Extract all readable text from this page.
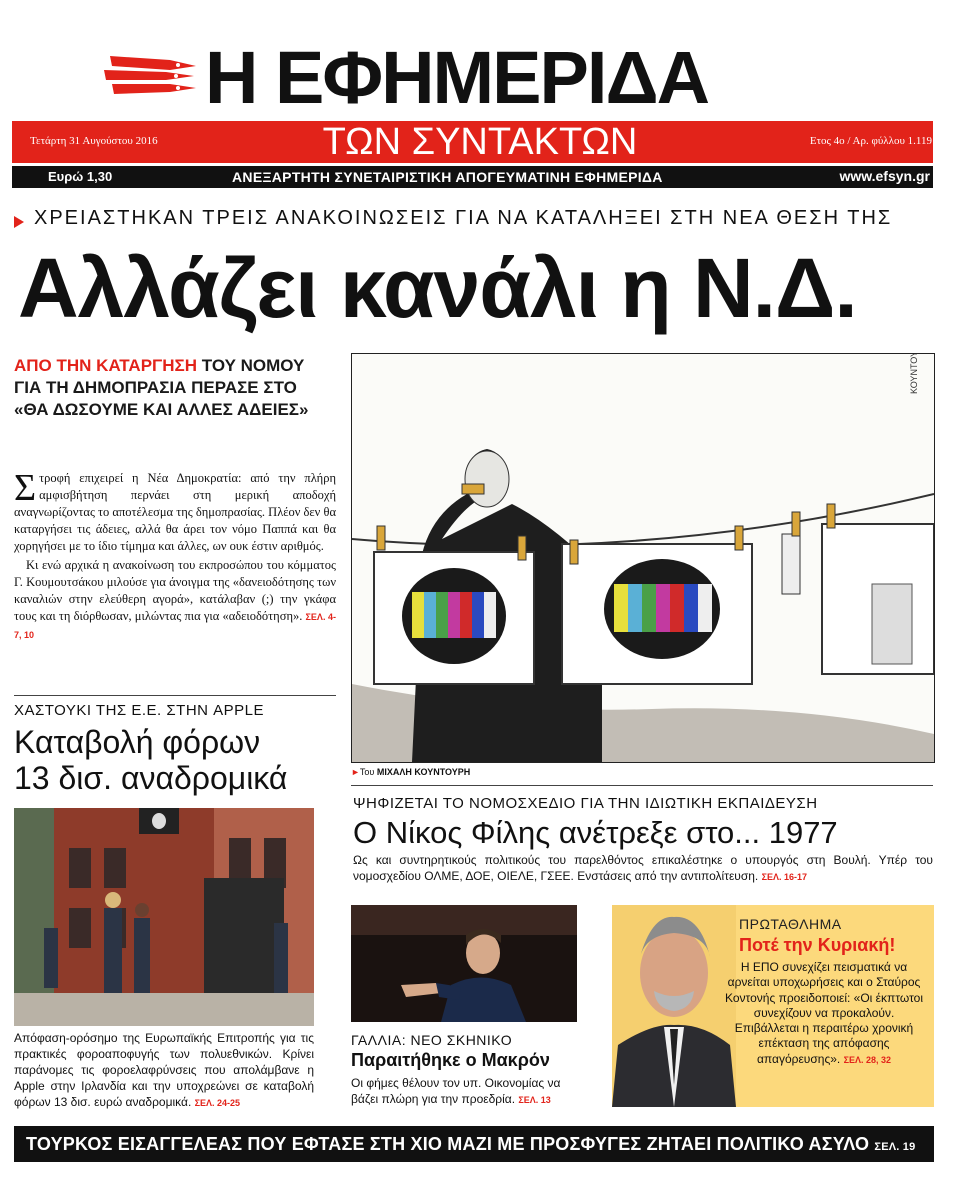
Η ΕΦΗΜΕΡΙΔΑ
Τετάρτη 31 Αυγούστου 2016	ΤΩΝ ΣΥΝΤΑΚΤΩΝ	Ετος 4ο / Αρ. φύλλου 1.119
Ευρώ 1,30	ΑΝΕΞΑΡΤΗΤΗ ΣΥΝΕΤΑΙΡΙΣΤΙΚΗ ΑΠΟΓΕΥΜΑΤΙΝΗ ΕΦΗΜΕΡΙΔΑ	www.efsyn.gr
ΧΡΕΙΑΣΤΗΚΑΝ ΤΡΕΙΣ ΑΝΑΚΟΙΝΩΣΕΙΣ ΓΙΑ ΝΑ ΚΑΤΑΛΗΞΕΙ ΣΤΗ ΝΕΑ ΘΕΣΗ ΤΗΣ
Αλλάζει κανάλι η Ν.Δ.
ΑΠΟ ΤΗΝ ΚΑΤΑΡΓΗΣΗ ΤΟΥ ΝΟΜΟΥ ΓΙΑ ΤΗ ΔΗΜΟΠΡΑΣΙΑ ΠΕΡΑΣΕ ΣΤΟ «ΘΑ ΔΩΣΟΥΜΕ ΚΑΙ ΑΛΛΕΣ ΑΔΕΙΕΣ»

Στροφή επιχειρεί η Νέα Δημοκρατία: από την πλήρη αμφισβήτηση περνάει στη μερική αποδοχή αναγνωρίζοντας το αποτέλεσμα της δημοπρασίας. Πλέον δεν θα καταργήσει τις άδειες, αλλά θα άρει τον νόμο Παππά και θα χορηγήσει με το ίδιο τίμημα και άλλες, ων ουκ έστιν αριθμός.

Κι ενώ αρχικά η ανακοίνωση του εκπροσώπου του κόμματος Γ. Κουμουτσάκου μιλούσε για άνοιγμα της «δανειοδότησης των καναλιών στην ελεύθερη αγορά», κατάλαβαν (;) την γκάφα τους και τη διόρθωσαν, μιλώντας πια για «αδειοδότηση». ΣΕΛ. 4-7, 10

ΧΑΣΤΟΥΚΙ ΤΗΣ Ε.Ε. ΣΤΗΝ APPLE
Καταβολή φόρων
13 δισ. αναδρομικά
Απόφαση-ορόσημο της Ευρωπαϊκής Επιτροπής για τις πρακτικές φοροαποφυγής των πολυεθνικών. Κρίνει παράνομες τις φοροελαφρύνσεις που απολάμβανε η Apple στην Ιρλανδία και την υποχρεώνει σε καταβολή φόρων 13 δισ. ευρώ αναδρομικά. ΣΕΛ. 24-25
ΚΟΥΝΤΟΥΡΗΣ
►Του ΜΙΧΑΛΗ ΚΟΥΝΤΟΥΡΗ
ΨΗΦΙΖΕΤΑΙ ΤΟ ΝΟΜΟΣΧΕΔΙΟ ΓΙΑ ΤΗΝ ΙΔΙΩΤΙΚΗ ΕΚΠΑΙΔΕΥΣΗ
Ο Νίκος Φίλης ανέτρεξε στο... 1977
Ως και συντηρητικούς πολιτικούς του παρελθόντος επικαλέστηκε ο υπουργός στη Βουλή. Υπέρ του νομοσχεδίου ΟΛΜΕ, ΔΟΕ, ΟΙΕΛΕ, ΓΣΕΕ. Ενστάσεις από την αντιπολίτευση. ΣΕΛ. 16-17
ΓΑΛΛΙΑ: ΝΕΟ ΣΚΗΝΙΚΟ
Παραιτήθηκε ο Μακρόν
Οι φήμες θέλουν τον υπ. Οικονομίας να βάζει πλώρη για την προεδρία. ΣΕΛ. 13
ΠΡΩΤΑΘΛΗΜΑ
Ποτέ την Κυριακή!
Η ΕΠΟ συνεχίζει πεισματικά να αρνείται υποχωρήσεις και ο Σταύρος Κοντονής προειδοποιεί: «Οι έκπτωτοι συνεχίζουν να προκαλούν. Επιβάλλεται η περαιτέρω χρονική επέκταση της απόφασης απαγόρευσης». ΣΕΛ. 28, 32
ΤΟΥΡΚΟΣ ΕΙΣΑΓΓΕΛΕΑΣ ΠΟΥ ΕΦΤΑΣΕ ΣΤΗ ΧΙΟ ΜΑΖΙ ΜΕ ΠΡΟΣΦΥΓΕΣ ΖΗΤΑΕΙ ΠΟΛΙΤΙΚΟ ΑΣΥΛΟ ΣΕΛ. 19
